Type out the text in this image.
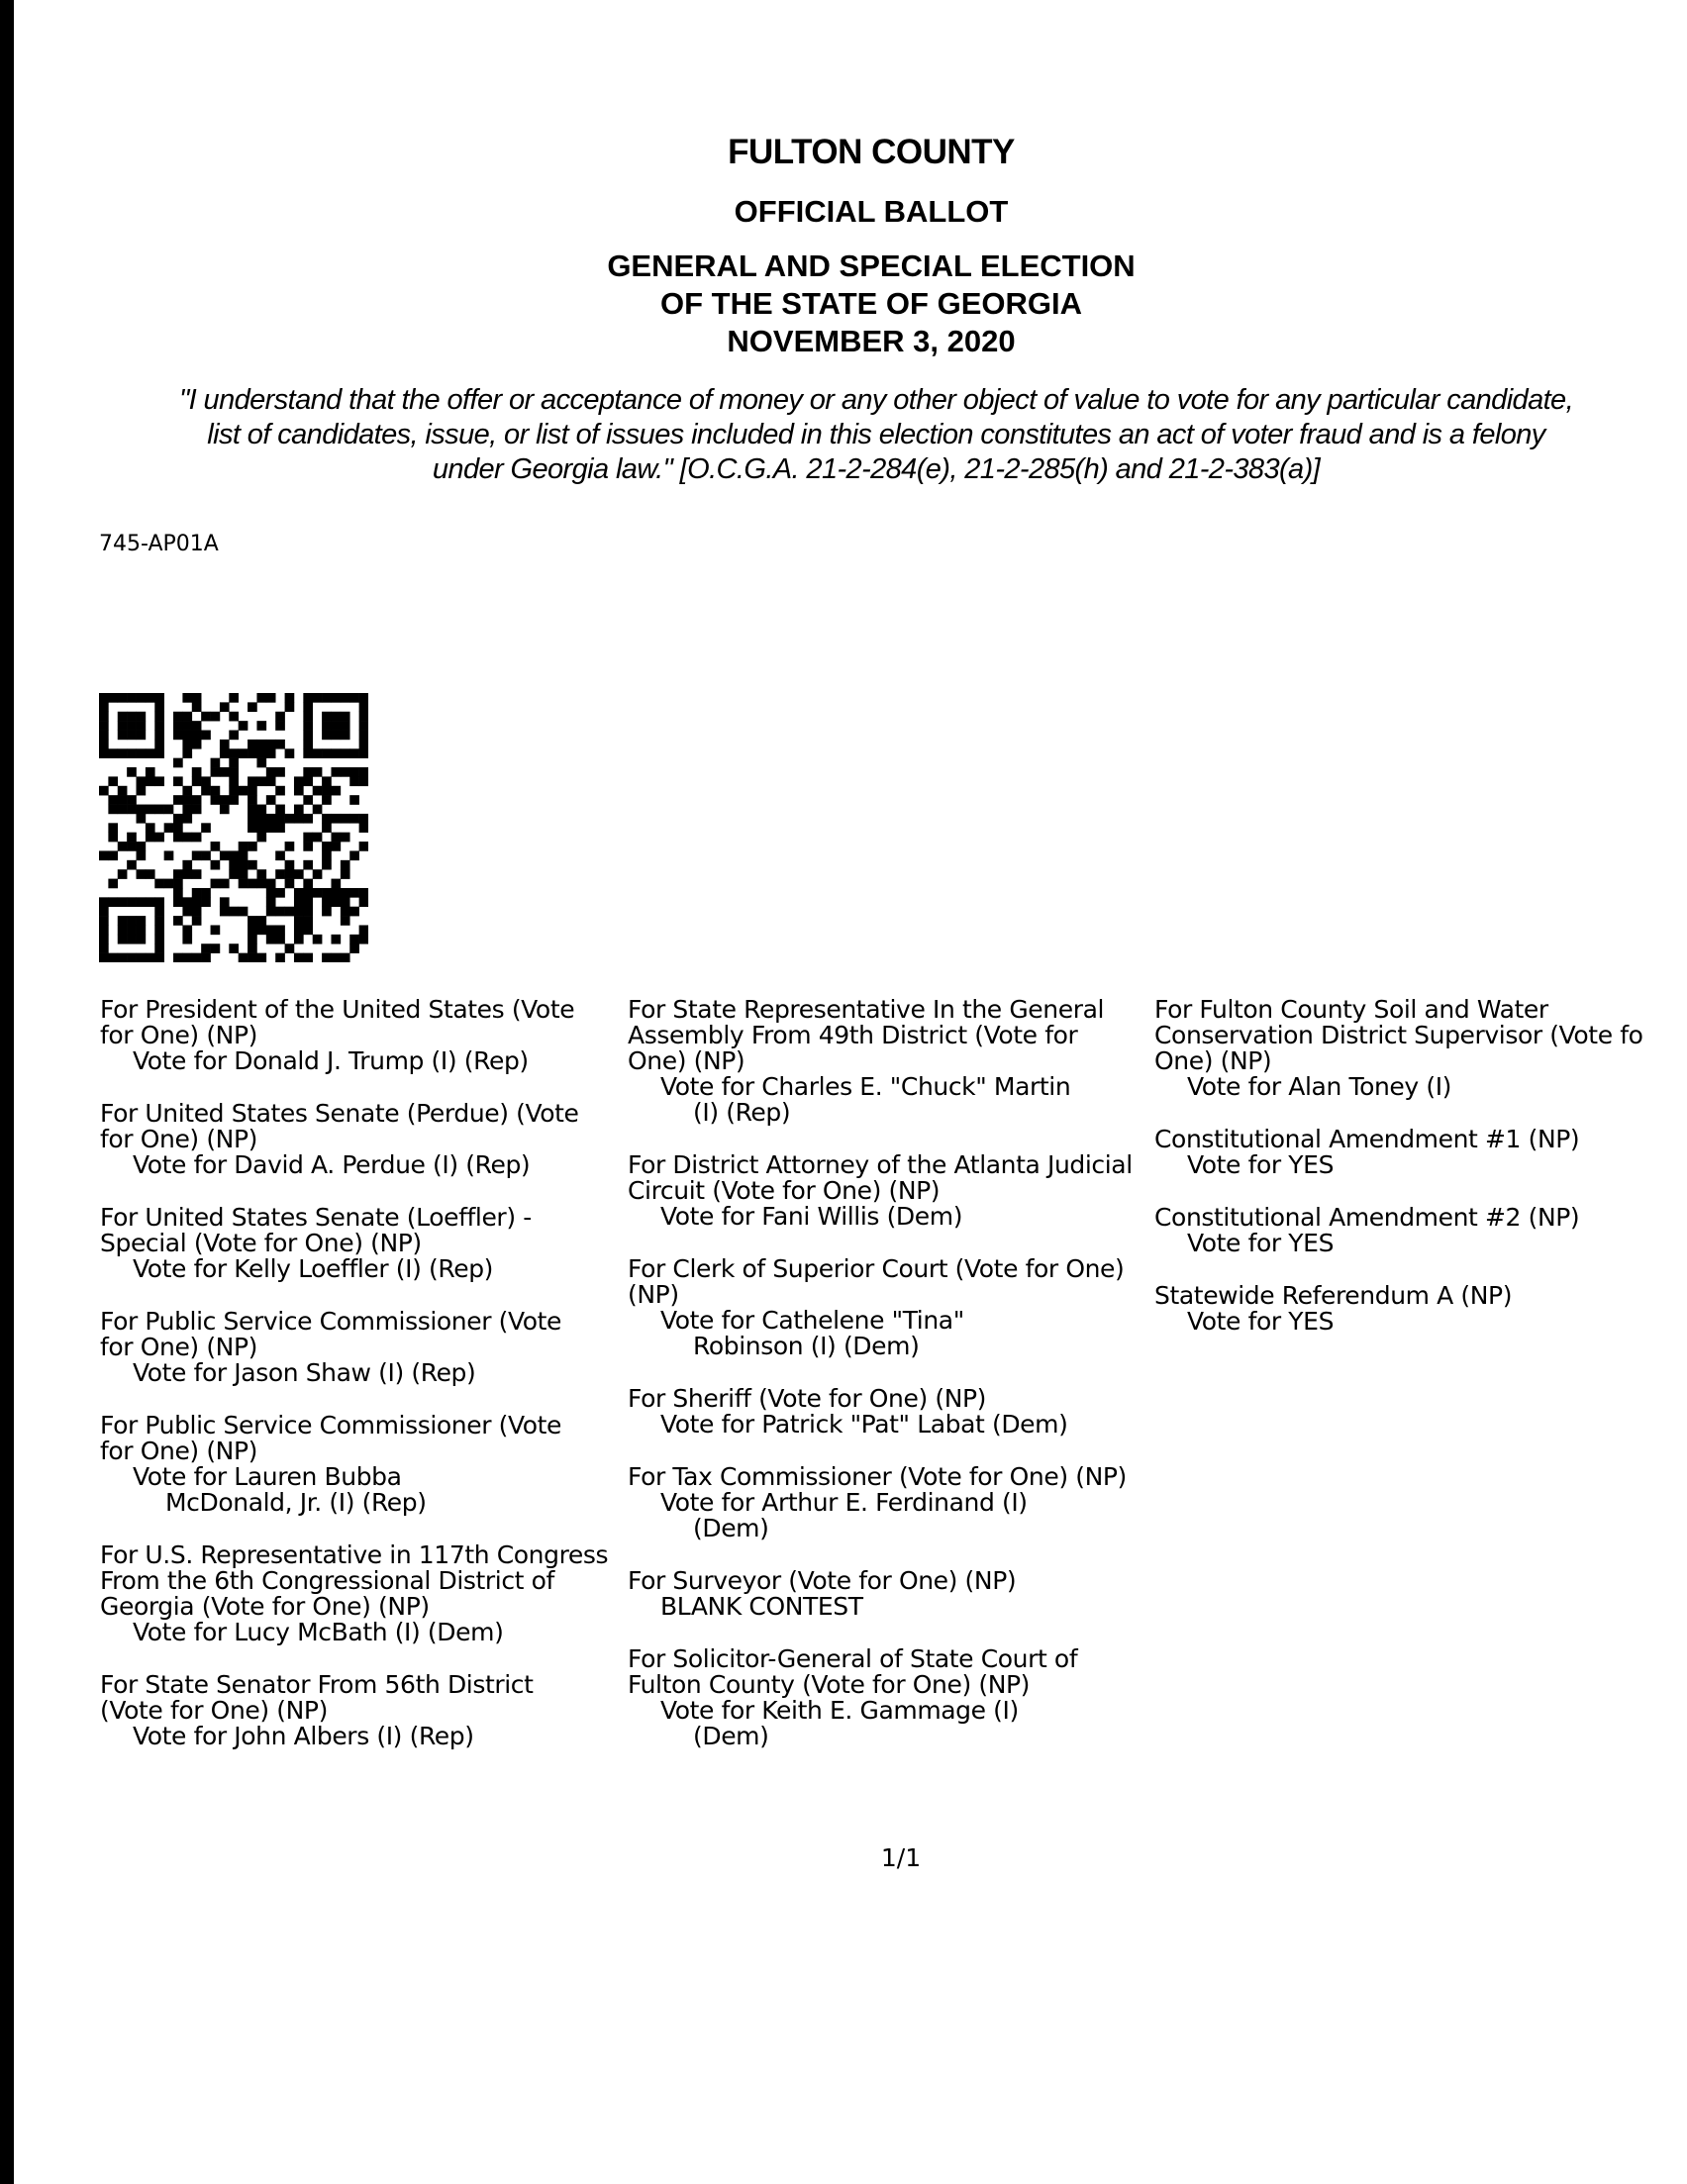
FULTON COUNTY
OFFICIAL BALLOT
GENERAL AND SPECIAL ELECTION
OF THE STATE OF GEORGIA
NOVEMBER 3, 2020
"I understand that the offer or acceptance of money or any other object of value to vote for any particular candidate,
list of candidates, issue, or list of issues included in this election constitutes an act of voter fraud and is a felony
under Georgia law." [O.C.G.A. 21-2-284(e), 21-2-285(h) and 21-2-383(a)]
745-AP01A
For President of the United States (Vote
for One) (NP)
Vote for Donald J. Trump (I) (Rep)
For United States Senate (Perdue) (Vote
for One) (NP)
Vote for David A. Perdue (I) (Rep)
For United States Senate (Loeffler) -
Special (Vote for One) (NP)
Vote for Kelly Loeffler (I) (Rep)
For Public Service Commissioner (Vote
for One) (NP)
Vote for Jason Shaw (I) (Rep)
For Public Service Commissioner (Vote
for One) (NP)
Vote for Lauren Bubba
McDonald, Jr. (I) (Rep)
For U.S. Representative in 117th Congress
From the 6th Congressional District of
Georgia (Vote for One) (NP)
Vote for Lucy McBath (I) (Dem)
For State Senator From 56th District
(Vote for One) (NP)
Vote for John Albers (I) (Rep)
For State Representative In the General
Assembly From 49th District (Vote for
One) (NP)
Vote for Charles E. "Chuck" Martin
(I) (Rep)
For District Attorney of the Atlanta Judicial
Circuit (Vote for One) (NP)
Vote for Fani Willis (Dem)
For Clerk of Superior Court (Vote for One)
(NP)
Vote for Cathelene "Tina"
Robinson (I) (Dem)
For Sheriff (Vote for One) (NP)
Vote for Patrick "Pat" Labat (Dem)
For Tax Commissioner (Vote for One) (NP)
Vote for Arthur E. Ferdinand (I)
(Dem)
For Surveyor (Vote for One) (NP)
BLANK CONTEST
For Solicitor-General of State Court of
Fulton County (Vote for One) (NP)
Vote for Keith E. Gammage (I)
(Dem)
For Fulton County Soil and Water
Conservation District Supervisor (Vote fo
One) (NP)
Vote for Alan Toney (I)
Constitutional Amendment #1 (NP)
Vote for YES
Constitutional Amendment #2 (NP)
Vote for YES
Statewide Referendum A (NP)
Vote for YES
1/1
